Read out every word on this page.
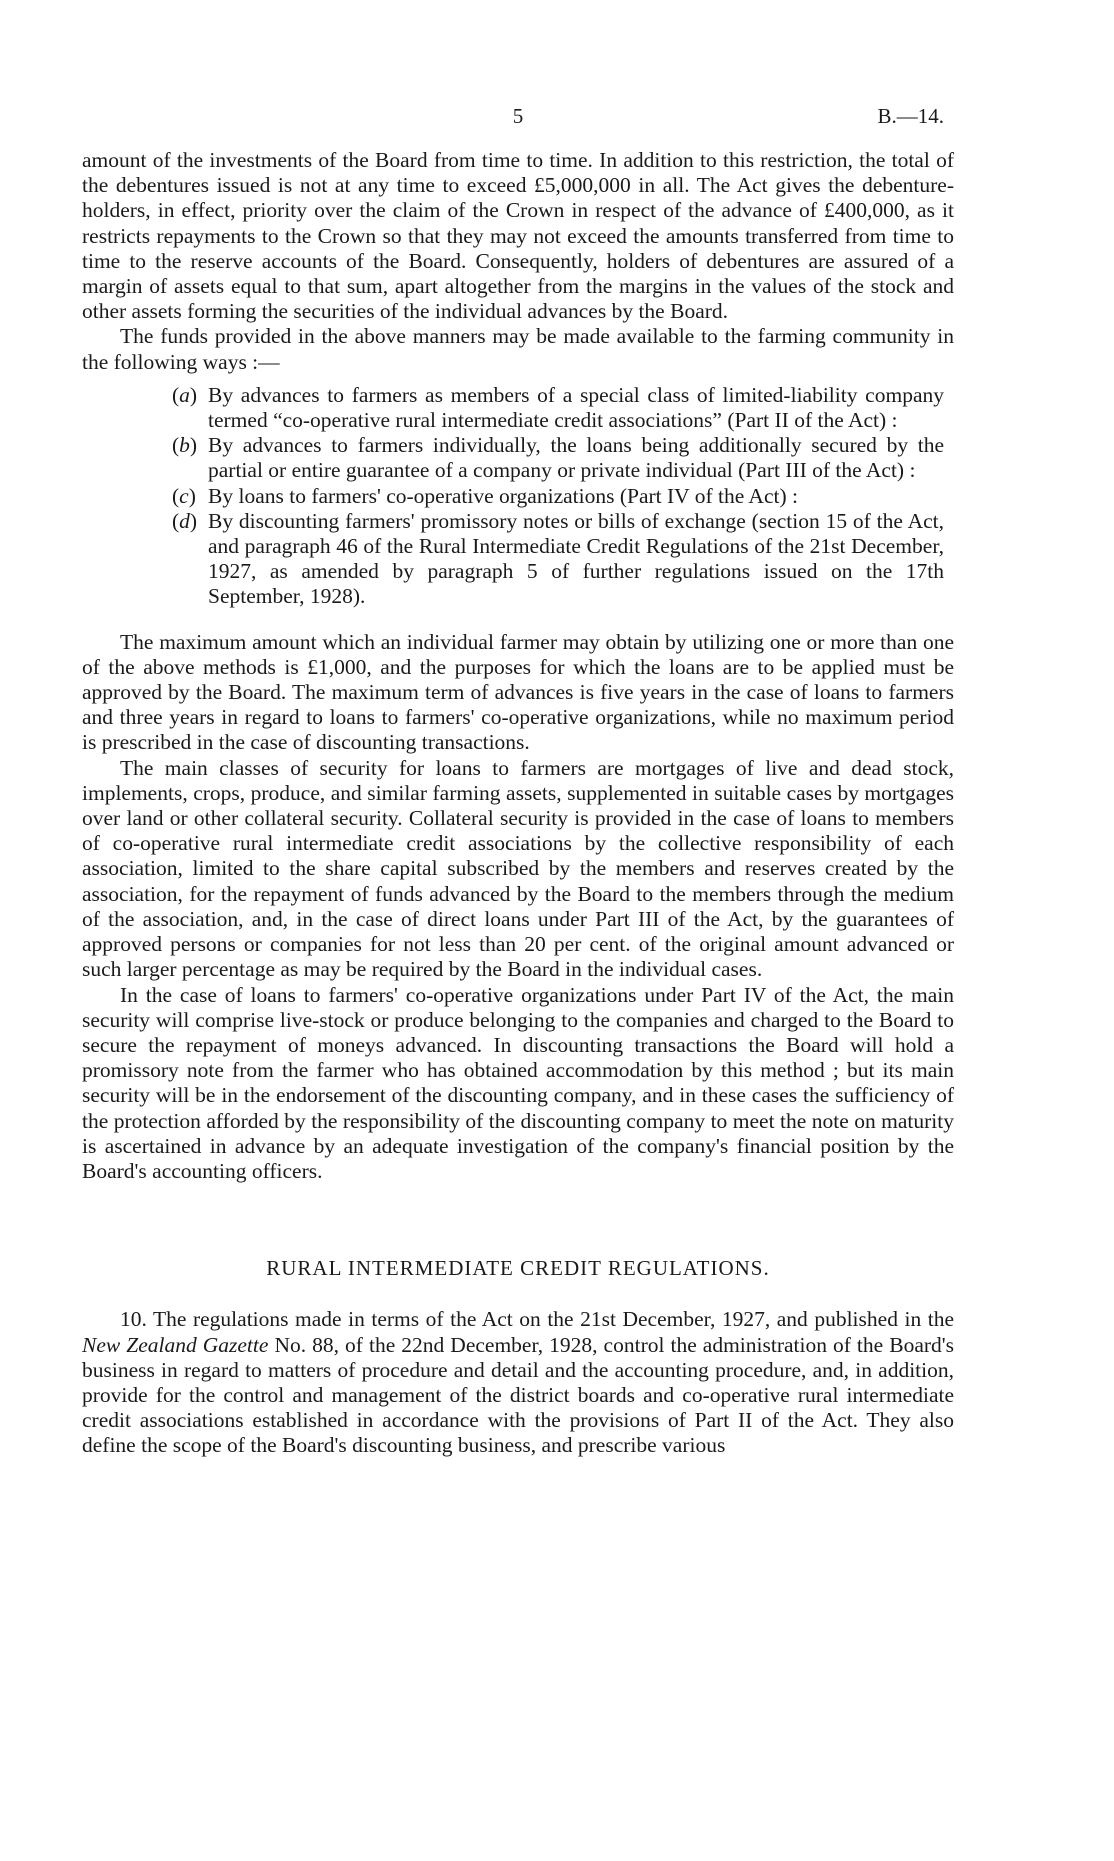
5	B.—14.

amount of the investments of the Board from time to time. In addition to this restriction, the total of the debentures issued is not at any time to exceed £5,000,000 in all. The Act gives the debenture-holders, in effect, priority over the claim of the Crown in respect of the advance of £400,000, as it restricts repayments to the Crown so that they may not exceed the amounts transferred from time to time to the reserve accounts of the Board. Consequently, holders of debentures are assured of a margin of assets equal to that sum, apart altogether from the margins in the values of the stock and other assets forming the securities of the individual advances by the Board.

The funds provided in the above manners may be made available to the farming community in the following ways :—

(a) By advances to farmers as members of a special class of limited-liability company termed “co-operative rural intermediate credit associations” (Part II of the Act) :
(b) By advances to farmers individually, the loans being additionally secured by the partial or entire guarantee of a company or private individual (Part III of the Act) :
(c) By loans to farmers' co-operative organizations (Part IV of the Act) :
(d) By discounting farmers' promissory notes or bills of exchange (section 15 of the Act, and paragraph 46 of the Rural Intermediate Credit Regulations of the 21st December, 1927, as amended by paragraph 5 of further regulations issued on the 17th September, 1928).

The maximum amount which an individual farmer may obtain by utilizing one or more than one of the above methods is £1,000, and the purposes for which the loans are to be applied must be approved by the Board. The maximum term of advances is five years in the case of loans to farmers and three years in regard to loans to farmers' co-operative organizations, while no maximum period is prescribed in the case of discounting transactions.

The main classes of security for loans to farmers are mortgages of live and dead stock, implements, crops, produce, and similar farming assets, supplemented in suitable cases by mortgages over land or other collateral security. Collateral security is provided in the case of loans to members of co-operative rural intermediate credit associations by the collective responsibility of each association, limited to the share capital subscribed by the members and reserves created by the association, for the repayment of funds advanced by the Board to the members through the medium of the association, and, in the case of direct loans under Part III of the Act, by the guarantees of approved persons or companies for not less than 20 per cent. of the original amount advanced or such larger percentage as may be required by the Board in the individual cases.

In the case of loans to farmers' co-operative organizations under Part IV of the Act, the main security will comprise live-stock or produce belonging to the companies and charged to the Board to secure the repayment of moneys advanced. In discounting transactions the Board will hold a promissory note from the farmer who has obtained accommodation by this method ; but its main security will be in the endorsement of the discounting company, and in these cases the sufficiency of the protection afforded by the responsibility of the discounting company to meet the note on maturity is ascertained in advance by an adequate investigation of the company's financial position by the Board's accounting officers.

RURAL INTERMEDIATE CREDIT REGULATIONS.

10. The regulations made in terms of the Act on the 21st December, 1927, and published in the New Zealand Gazette No. 88, of the 22nd December, 1928, control the administration of the Board's business in regard to matters of procedure and detail and the accounting procedure, and, in addition, provide for the control and management of the district boards and co-operative rural intermediate credit associations established in accordance with the provisions of Part II of the Act. They also define the scope of the Board's discounting business, and prescribe various
